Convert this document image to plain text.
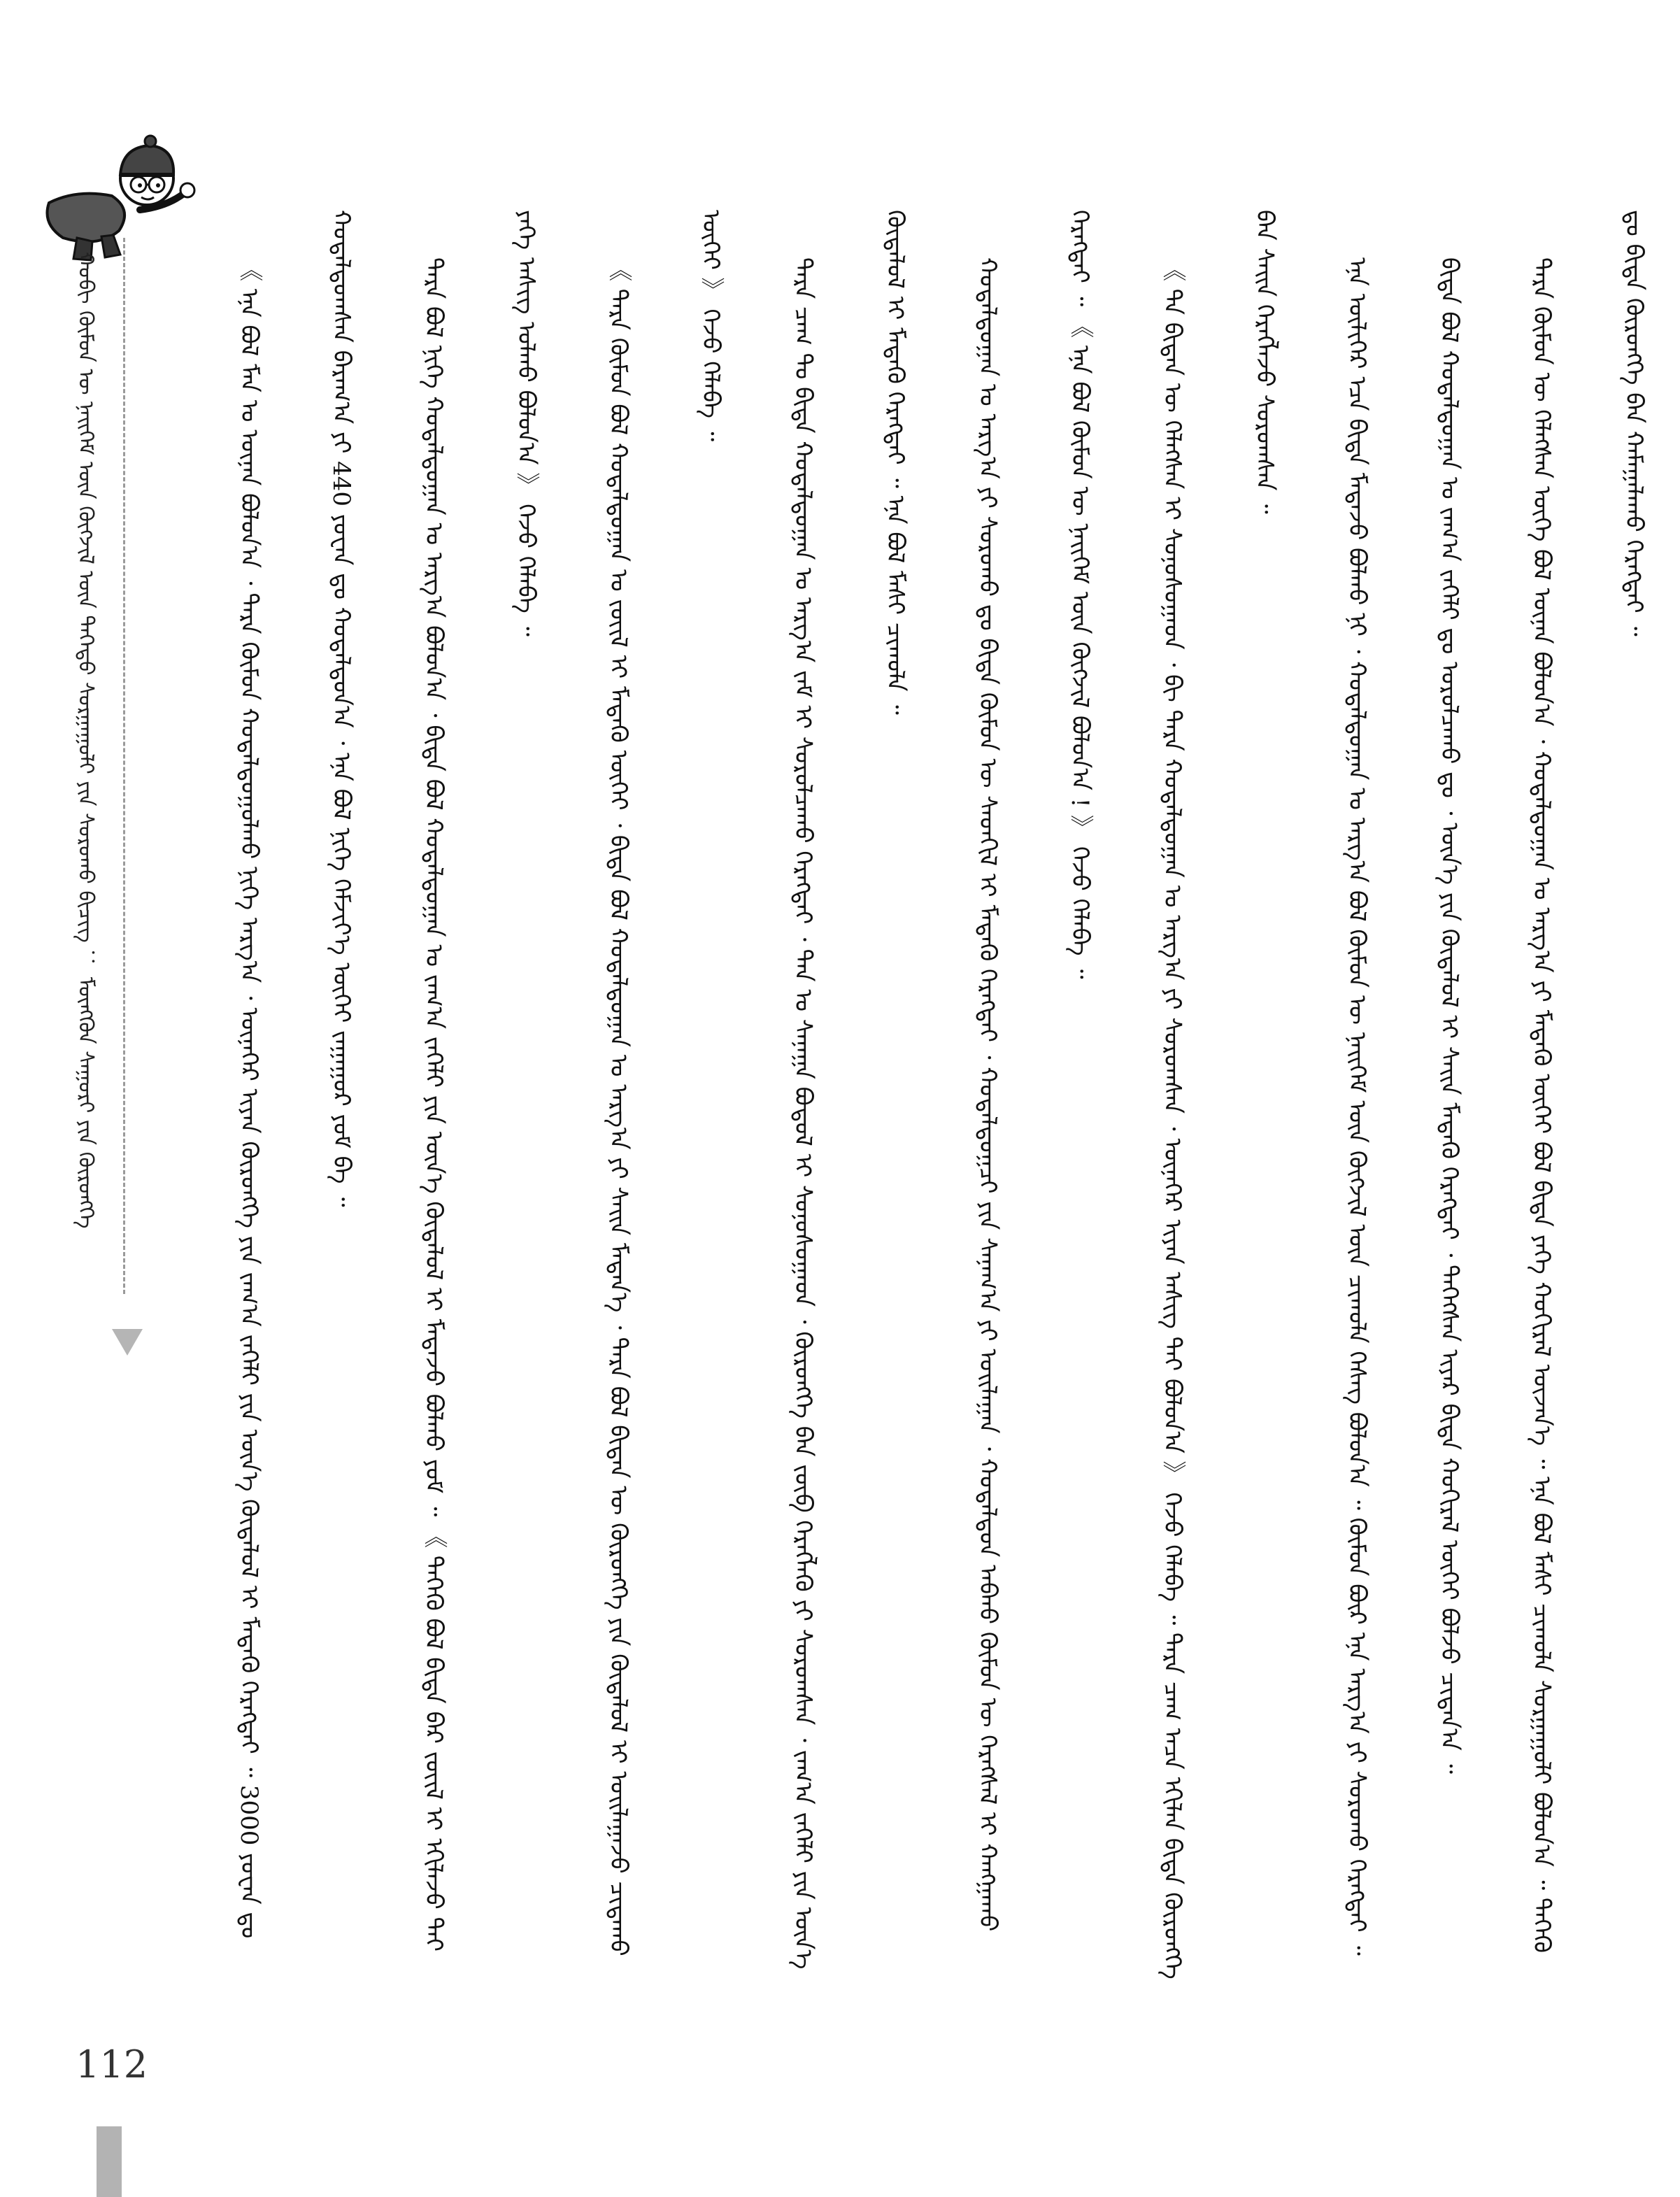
ᠬᠤᠪᠢ ᠬᠦᠮᠦᠨ ᠦ ᠨᠡᠢᠭᠡᠮ ᠦᠨ ᠬᠥᠭᠵᠢᠯ ᠦᠨ ᠳᠡᠭᠡᠳᠦ ᠰᠤᠷᠭᠠᠭᠤᠯᠢ ᠶᠢᠨ ᠰᠤᠷᠤᠬᠤ ᠪᠢᠴᠢᠭ᠌ ： ᠮᠥᠩᠭᠥᠨ ᠰᠠᠭᠤᠷᠢ ᠶᠢᠨ ᠬᠥᠷᠥᠩᠭᠡ	《 ᠡᠨᠡ ᠪᠣᠯ ᠮᠠᠨ ᠤ ᠦᠨᠡᠨ ᠪᠣᠯᠤᠨ᠎ᠠ ᠂ ᠲᠡᠷᠡ ᠬᠦᠮᠦᠨ ᠬᠣᠳᠠᠯᠳᠤᠭᠤᠯᠬᠤ ᠨᠢᠭᠡ ᠠᠷᠭ᠎ᠠ ᠂ ᠦᠨᠡᠬᠡᠷ ᠢᠶᠡᠨ ᠬᠥᠷᠥᠩᠭᠡ ᠶᠢᠨ ᠵᠠᠬ᠎ᠠ ᠵᠡᠭᠡᠯᠢ ᠶᠢᠨ ᠦᠨ᠎ᠡ ᠬᠥᠳᠡᠯᠦᠯ ᠢ ᠮᠡᠳᠡᠬᠦ ᠬᠡᠷᠡᠭᠲᠡᠢ ᠃ 3000 ᠶᠤᠸᠠᠨ ᠳᠤ ᠬᠤᠳᠠᠯᠳᠤᠭᠰᠠᠨ ᠪᠠᠷᠠᠭ᠎ᠠ ᠶᠢ 440 ᠶᠤᠸᠠᠨ ᠳᠤ ᠬᠤᠳᠠᠯᠳᠤᠨ᠎ᠠ ᠂ ᠡᠨᠡ ᠪᠣᠯ ᠨᠢᠭᠡ ᠬᠡᠮᠵᠢᠶ᠎ᠡ ᠦᠭᠡᠢ ᠵᠠᠭᠠᠭᠤᠷ ᠶᠤᠮ ᠪᠡ ᠃	ᠲᠡᠷᠡ ᠪᠣᠯ ᠨᠢᠭᠡ ᠬᠤᠳᠠᠯᠳᠤᠭᠠᠨ ᠤ ᠠᠷᠭ᠎ᠠ ᠪᠣᠯᠤᠨ᠎ᠠ ᠂ ᠪᠢᠳᠡ ᠪᠣᠯ ᠬᠤᠳᠠᠯᠳᠤᠭᠠᠨ ᠤ ᠵᠠᠬ᠎ᠠ ᠵᠡᠭᠡᠯᠢ ᠶᠢᠨ ᠦᠨ᠎ᠡ ᠬᠥᠳᠡᠯᠦᠯ ᠢ ᠮᠡᠳᠡᠵᠦ ᠪᠣᠯᠬᠤ ᠶᠤᠮ ᠃ 《 ᠲᠡᠭᠡᠬᠦ ᠪᠣᠯ ᠪᠢᠳᠡ ᠪᠠᠷ ᠵᠦᠢᠯ ᠢ ᠡᠬᠢᠯᠡᠵᠦ ᠳᠡᠢ ᠶᠡᠬᠡ ᠠᠰᠢᠭ᠌ ᠣᠯᠬᠤ ᠪᠣᠯᠤᠨ᠎ᠠ 》 ᠭᠡᠵᠦ ᠬᠡᠯᠡᠪᠡ ᠃	《 ᠲᠡᠷᠡ ᠬᠦᠮᠦᠨ ᠪᠣᠯ ᠬᠣᠳᠠᠯᠳᠤᠭᠠᠨ ᠤ ᠵᠦᠢᠯ ᠢ ᠮᠡᠳᠡᠬᠦ ᠦᠭᠡᠢ ᠂ ᠪᠢᠳᠡ ᠪᠣᠯ ᠬᠤᠳᠠᠯᠳᠤᠭᠠᠨ ᠤ ᠠᠷᠭ᠎ᠠ ᠶᠢ ᠰᠠᠢᠨ ᠮᠡᠳᠡᠨ᠎ᠡ ᠂ ᠲᠡᠷᠡ ᠪᠣᠯ ᠪᠢᠳᠡᠨ ᠦ ᠬᠥᠷᠥᠩᠭᠡ ᠶᠢᠨ ᠬᠥᠳᠡᠯᠦᠯ ᠢ ᠣᠢᠯᠠᠭᠠᠵᠤ ᠴᠢᠳᠠᠬᠤ ᠦᠭᠡᠢ 》 ᠭᠡᠵᠦ ᠬᠡᠯᠡᠪᠡ ᠃	ᠲᠡᠷᠡ ᠴᠠᠭ ᠲᠤ ᠪᠢᠳᠡ ᠬᠤᠳᠠᠯᠳᠤᠭᠠᠨ ᠤ ᠠᠷᠭ᠎ᠠ ᠵᠠᠮ ᠢ ᠰᠤᠷᠤᠯᠴᠠᠬᠤ ᠬᠡᠷᠡᠭᠲᠡᠢ ᠂ ᠲᠠᠨ ᠤ ᠰᠠᠨᠠᠭᠠ ᠪᠣᠳᠤᠯ ᠢ ᠰᠣᠨᠣᠰᠤᠭᠠᠳ ᠂ ᠬᠥᠷᠥᠩᠭᠡ ᠪᠡᠨ ᠵᠥᠪ ᠬᠡᠷᠡᠭᠯᠡᠬᠦ ᠶᠢ ᠰᠤᠷᠤᠭᠰᠠᠨ ᠂ ᠵᠠᠬ᠎ᠠ ᠵᠡᠭᠡᠯᠢ ᠶᠢᠨ ᠦᠨ᠎ᠡ ᠬᠥᠳᠡᠯᠦᠯ ᠢ ᠮᠡᠳᠡᠬᠦ ᠬᠡᠷᠡᠭᠲᠡᠢ ᠃ ᠡᠨᠡ ᠪᠣᠯ ᠮᠠᠰᠢ ᠴᠢᠬᠤᠯᠠ ᠃	ᠬᠤᠳᠠᠯᠳᠤᠭᠠᠨ ᠤ ᠠᠷᠭ᠎ᠠ ᠶᠢ ᠰᠤᠷᠤᠬᠤ ᠳᠤ ᠪᠢᠳᠡ ᠬᠦᠮᠦᠨ ᠦ ᠰᠡᠳᠬᠢᠯ ᠢ ᠮᠡᠳᠡᠬᠦ ᠬᠡᠷᠡᠭᠲᠡᠢ ᠂ ᠬᠤᠳᠠᠯᠳᠤᠭ᠋ᠴᠢ ᠶᠢᠨ ᠰᠠᠨᠠᠭ᠎ᠠ ᠶᠢ ᠣᠢᠯᠠᠭᠠᠨ ᠂ ᠬᠤᠳᠠᠯᠳᠤᠨ ᠠᠪᠬᠤ ᠬᠦᠮᠦᠨ ᠦ ᠬᠡᠷᠡᠭᠰᠡᠯ ᠢ ᠬᠠᠩᠭᠠᠬᠤ ᠬᠡᠷᠡᠭᠲᠡᠢ ᠃ 《 ᠡᠨᠡ ᠪᠣᠯ ᠬᠦᠮᠦᠨ ᠦ ᠨᠡᠢᠭᠡᠮ ᠦᠨ ᠬᠥᠭᠵᠢᠯ ᠪᠣᠯᠤᠨ᠎ᠠ ! 》 ᠭᠡᠵᠦ ᠬᠡᠯᠡᠪᠡ ᠃	《 ᠲᠠ ᠪᠢᠳᠡᠨ ᠦ ᠬᠡᠯᠡᠭᠰᠡᠨ ᠢ ᠰᠣᠨᠣᠰᠤᠭᠠᠳ ᠂ ᠪᠢ ᠲᠡᠷᠡ ᠬᠤᠳᠠᠯᠳᠤᠭᠠᠨ ᠤ ᠠᠷᠭ᠎ᠠ ᠶᠢ ᠰᠤᠷᠤᠭᠰᠠᠨ ᠂ ᠦᠨᠡᠬᠡᠷ ᠢᠶᠡᠨ ᠠᠰᠢᠭ᠌ ᠲᠠᠢ ᠪᠣᠯᠤᠨ᠎ᠠ 》 ᠭᠡᠵᠦ ᠬᠡᠯᠡᠪᠡ ᠃ ᠲᠡᠷᠡ ᠴᠠᠭ ᠠᠴᠠ ᠡᠬᠢᠯᠡᠨ ᠪᠢᠳᠡ ᠬᠥᠷᠥᠩᠭᠡ ᠪᠡᠨ ᠰᠠᠢᠨ ᠬᠡᠷᠡᠭᠯᠡᠵᠦ ᠰᠤᠷᠤᠭᠰᠠᠨ ᠃	ᠡᠨᠡ ᠦᠯᠢᠭᠡᠷ ᠡᠴᠡ ᠪᠢᠳᠡ ᠮᠡᠳᠡᠵᠦ ᠪᠣᠯᠬᠤ ᠨᠢ ᠂ ᠬᠤᠳᠠᠯᠳᠤᠭᠠᠨ ᠤ ᠠᠷᠭ᠎ᠠ ᠪᠣᠯ ᠬᠦᠮᠦᠨ ᠦ ᠨᠡᠢᠭᠡᠮ ᠦᠨ ᠬᠥᠭᠵᠢᠯ ᠦᠨ ᠴᠢᠬᠤᠯᠠ ᠬᠡᠰᠡᠭ ᠪᠣᠯᠤᠨ᠎ᠠ ᠃ ᠬᠦᠮᠦᠨ ᠪᠦᠷ ᠡᠨᠡ ᠠᠷᠭ᠎ᠠ ᠶᠢ ᠰᠤᠷᠤᠬᠤ ᠬᠡᠷᠡᠭᠲᠡᠢ ᠃	ᠪᠢᠳᠡ ᠪᠣᠯ ᠬᠤᠳᠠᠯᠳᠤᠭᠠᠨ ᠤ ᠵᠠᠬ᠎ᠠ ᠵᠡᠭᠡᠯᠢ ᠳᠤ ᠣᠷᠣᠯᠴᠠᠬᠤ ᠳᠤ ᠂ ᠦᠨ᠎ᠡ ᠶᠢᠨ ᠬᠥᠳᠡᠯᠦᠯ ᠢ ᠰᠠᠢᠨ ᠮᠡᠳᠡᠬᠦ ᠬᠡᠷᠡᠭᠲᠡᠢ ᠂ ᠲᠡᠭᠡᠭᠰᠡᠨ ᠢᠶᠡᠷ ᠪᠢᠳᠡ ᠬᠣᠬᠢᠷᠠᠯ ᠦᠭᠡᠢ ᠪᠣᠯᠵᠤ ᠴᠢᠳᠠᠨ᠎ᠠ ᠃	ᠲᠡᠷᠡ ᠬᠦᠮᠦᠨ ᠦ ᠬᠡᠯᠡᠭᠰᠡᠨ ᠦᠭᠡ ᠪᠣᠯ ᠦᠨᠡᠨ ᠪᠣᠯᠤᠨ᠎ᠠ ᠂ ᠬᠤᠳᠠᠯᠳᠤᠭᠠᠨ ᠤ ᠠᠷᠭ᠎ᠠ ᠶᠢ ᠮᠡᠳᠡᠬᠦ ᠦᠭᠡᠢ ᠪᠣᠯ ᠪᠢᠳᠡ ᠶᠡᠬᠡ ᠬᠣᠬᠢᠷᠠᠯ ᠦᠵᠡᠨ᠎ᠡ ᠃ ᠡᠨᠡ ᠪᠣᠯ ᠮᠠᠰᠢ ᠴᠢᠬᠤᠯᠠ ᠰᠤᠷᠭᠠᠭᠤᠯᠢ ᠪᠣᠯᠤᠨ᠎ᠠ ᠃ ᠲᠡᠭᠡᠬᠦ ᠳᠤ ᠪᠢᠳᠡ ᠬᠥᠷᠥᠩᠭᠡ ᠪᠡᠨ ᠬᠠᠮᠠᠭᠠᠯᠠᠬᠤ ᠬᠡᠷᠡᠭᠲᠡᠢ ᠃

112
